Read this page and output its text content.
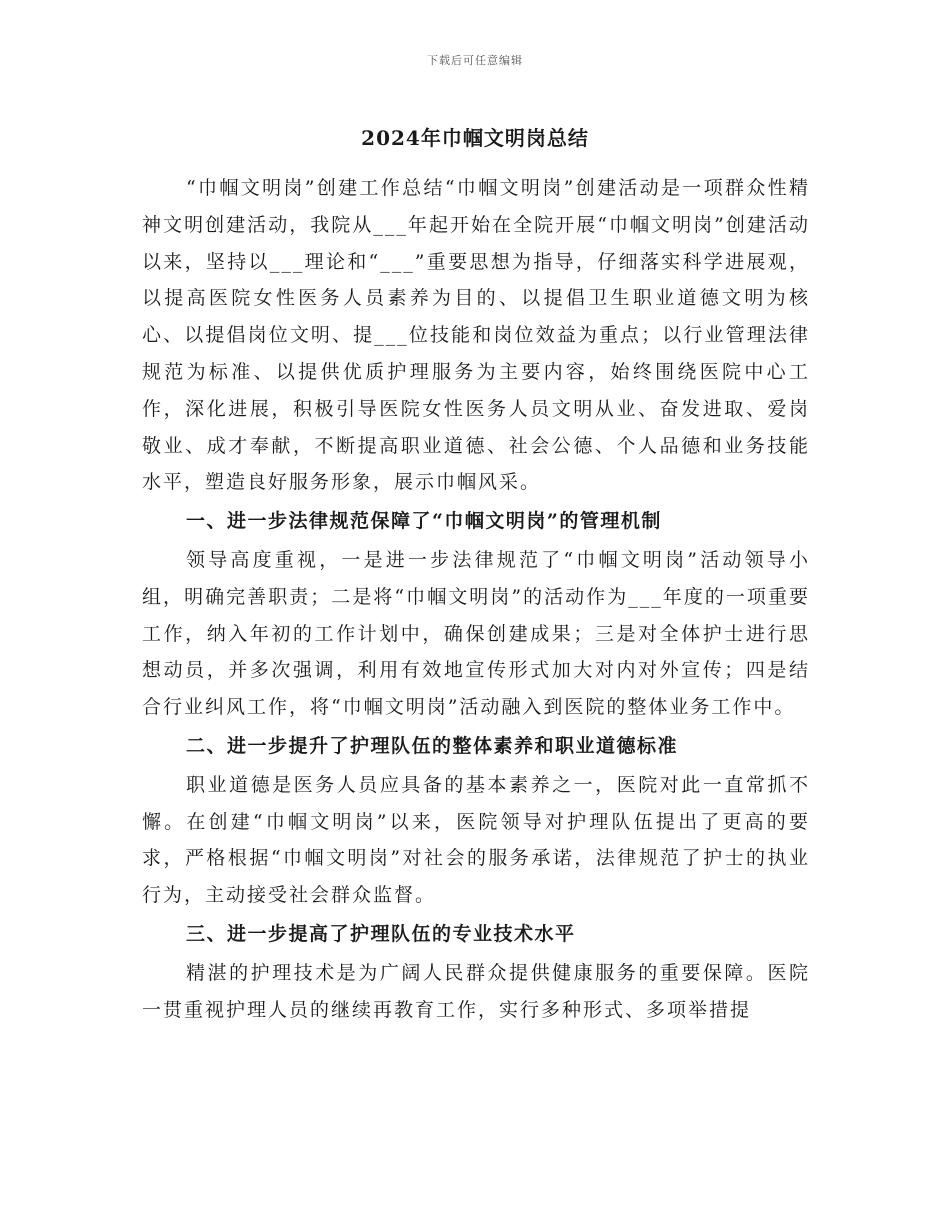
下载后可任意编辑
2024年巾帼文明岗总结

“巾帼文明岗”创建工作总结“巾帼文明岗”创建活动是一项群众性精神文明创建活动，我院从___年起开始在全院开展“巾帼文明岗”创建活动以来，坚持以___理论和“___”重要思想为指导，仔细落实科学进展观，以提高医院女性医务人员素养为目的、以提倡卫生职业道德文明为核心、以提倡岗位文明、提___位技能和岗位效益为重点；以行业管理法律规范为标准、以提供优质护理服务为主要内容，始终围绕医院中心工作，深化进展，积极引导医院女性医务人员文明从业、奋发进取、爱岗敬业、成才奉献，不断提高职业道德、社会公德、个人品德和业务技能水平，塑造良好服务形象，展示巾帼风采。

一、进一步法律规范保障了“巾帼文明岗”的管理机制

领导高度重视，一是进一步法律规范了“巾帼文明岗”活动领导小组，明确完善职责；二是将“巾帼文明岗”的活动作为___年度的一项重要工作，纳入年初的工作计划中，确保创建成果；三是对全体护士进行思想动员，并多次强调，利用有效地宣传形式加大对内对外宣传；四是结合行业纠风工作，将“巾帼文明岗”活动融入到医院的整体业务工作中。

二、进一步提升了护理队伍的整体素养和职业道德标准

职业道德是医务人员应具备的基本素养之一，医院对此一直常抓不懈。在创建“巾帼文明岗”以来，医院领导对护理队伍提出了更高的要求，严格根据“巾帼文明岗”对社会的服务承诺，法律规范了护士的执业行为，主动接受社会群众监督。

三、进一步提高了护理队伍的专业技术水平

精湛的护理技术是为广阔人民群众提供健康服务的重要保障。医院一贯重视护理人员的继续再教育工作，实行多种形式、多项举措提
